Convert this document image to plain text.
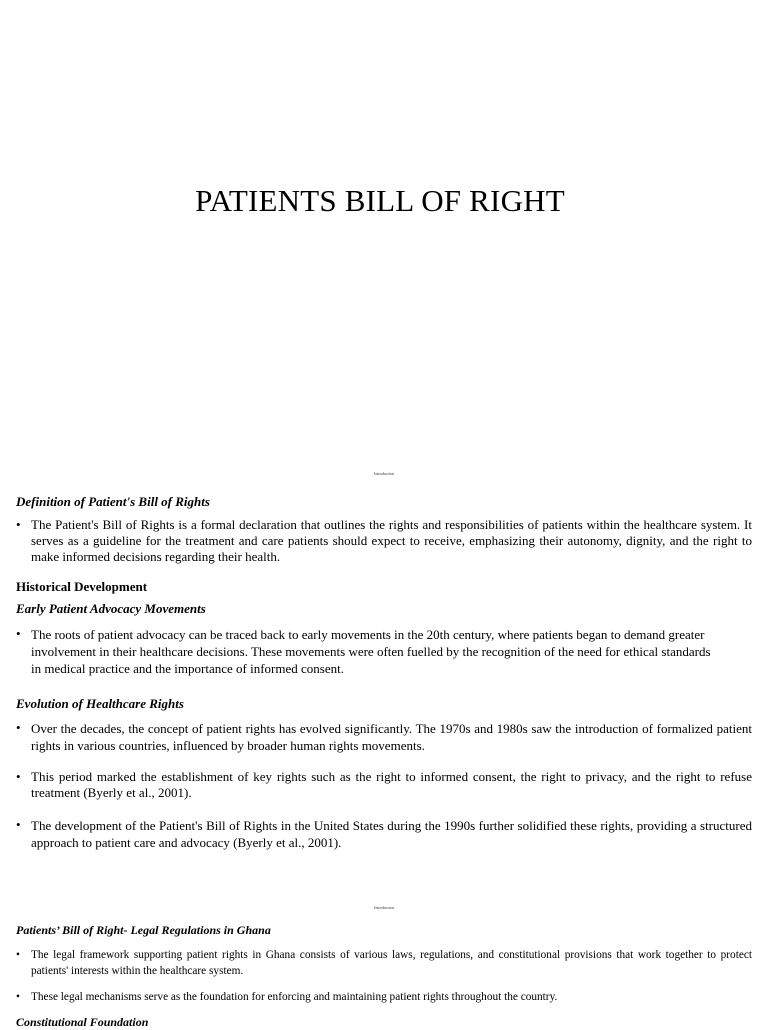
PATIENTS BILL OF RIGHT
Introduction
Definition of Patient's Bill of Rights
• The Patient's Bill of Rights is a formal declaration that outlines the rights and responsibilities of patients within the healthcare system. It serves as a guideline for the treatment and care patients should expect to receive, emphasizing their autonomy, dignity, and the right to make informed decisions regarding their health.
Historical Development
Early Patient Advocacy Movements
• The roots of patient advocacy can be traced back to early movements in the 20th century, where patients began to demand greater involvement in their healthcare decisions. These movements were often fuelled by the recognition of the need for ethical standards in medical practice and the importance of informed consent.
Evolution of Healthcare Rights
• Over the decades, the concept of patient rights has evolved significantly. The 1970s and 1980s saw the introduction of formalized patient rights in various countries, influenced by broader human rights movements.
• This period marked the establishment of key rights such as the right to informed consent, the right to privacy, and the right to refuse treatment (Byerly et al., 2001).
• The development of the Patient's Bill of Rights in the United States during the 1990s further solidified these rights, providing a structured approach to patient care and advocacy (Byerly et al., 2001).
Introduction
Patients’ Bill of Right- Legal Regulations in Ghana
• The legal framework supporting patient rights in Ghana consists of various laws, regulations, and constitutional provisions that work together to protect patients' interests within the healthcare system.
• These legal mechanisms serve as the foundation for enforcing and maintaining patient rights throughout the country.
Constitutional Foundation
